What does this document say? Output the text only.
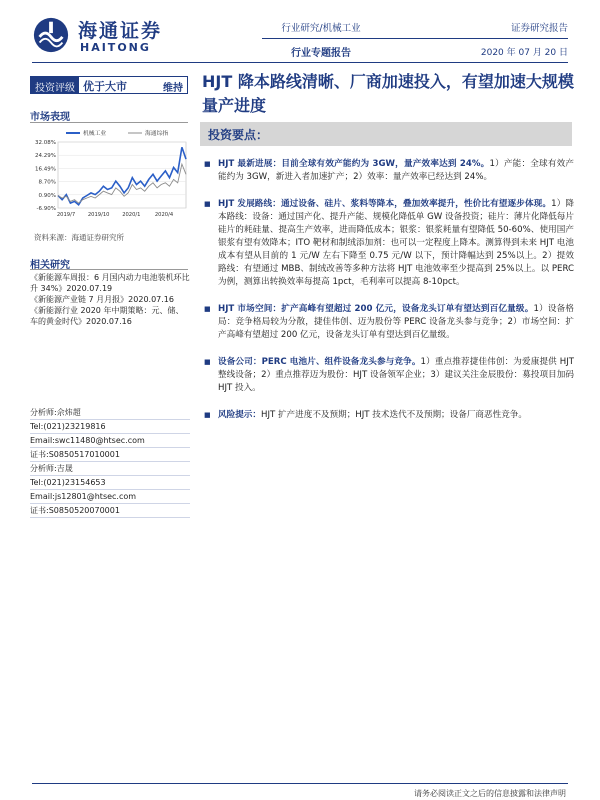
海通证券
HAITONG
行业研究/机械工业
行业专题报告
证券研究报告
2020 年 07 月 20 日
投资评级 优于大市	维持
市场表现
32.08%
24.29%
16.49%
8.70%
0.90%
-6.90%
2019/7 2019/10 2020/1	2020/4
机械工业	海通综指
资料来源：海通证券研究所
相关研究
《新能源车周报：6 月国内动力电池装机环比升 34%》2020.07.19
《新能源产业链 7 月月报》2020.07.16
《新能源行业 2020 年中期策略：元、储、车的黄金时代》2020.07.16
分析师:佘炜超
Tel:(021)23219816
Email:swc11480@htsec.com
证书:S0850517010001
分析师:吉晟
Tel:(021)23154653
Email:js12801@htsec.com
证书:S0850520070001
HJT 降本路线清晰、厂商加速投入，有望加速大规模量产进度
投资要点：
■ HJT 最新进展：目前全球有效产能约为 3GW，量产效率达到 24%。1）产能：全球有效产能约为 3GW，新进入者加速扩产；2）效率：量产效率已经达到 24%。
■ HJT 发展路线：通过设备、硅片、浆料等降本，叠加效率提升，性价比有望逐步体现。1）降本路线：设备：通过国产化、提升产能、规模化降低单 GW 设备投资；硅片：薄片化降低每片硅片的耗硅量、提高生产效率，进而降低成本；银浆：银浆耗量有望降低 50-60%、使用国产银浆有望有效降本；ITO 靶材和制绒添加剂：也可以一定程度上降本。测算得到未来 HJT 电池成本有望从目前的 1 元/W 左右下降至 0.75 元/W 以下，预计降幅达到 25%以上。2）提效路线：有望通过 MBB、制绒改善等多种方法将 HJT 电池效率至少提高到 25%以上。以 PERC 为例，测算出转换效率每提高 1pct，毛利率可以提高 8-10pct。
■ HJT 市场空间：扩产高峰有望超过 200 亿元，设备龙头订单有望达到百亿量级。1）设备格局：竞争格局较为分散，捷佳伟创、迈为股份等 PERC 设备龙头参与竞争；2）市场空间：扩产高峰有望超过 200 亿元，设备龙头订单有望达到百亿量级。
■ 设备公司：PERC 电池片、组件设备龙头参与竞争。1）重点推荐捷佳伟创：为爱康提供 HJT 整线设备；2）重点推荐迈为股份：HJT 设备领军企业；3）建议关注金辰股份：募投项目加码 HJT 投入。
■ 风险提示：HJT 扩产进度不及预期；HJT 技术迭代不及预期；设备厂商恶性竞争。
请务必阅读正文之后的信息披露和法律声明
